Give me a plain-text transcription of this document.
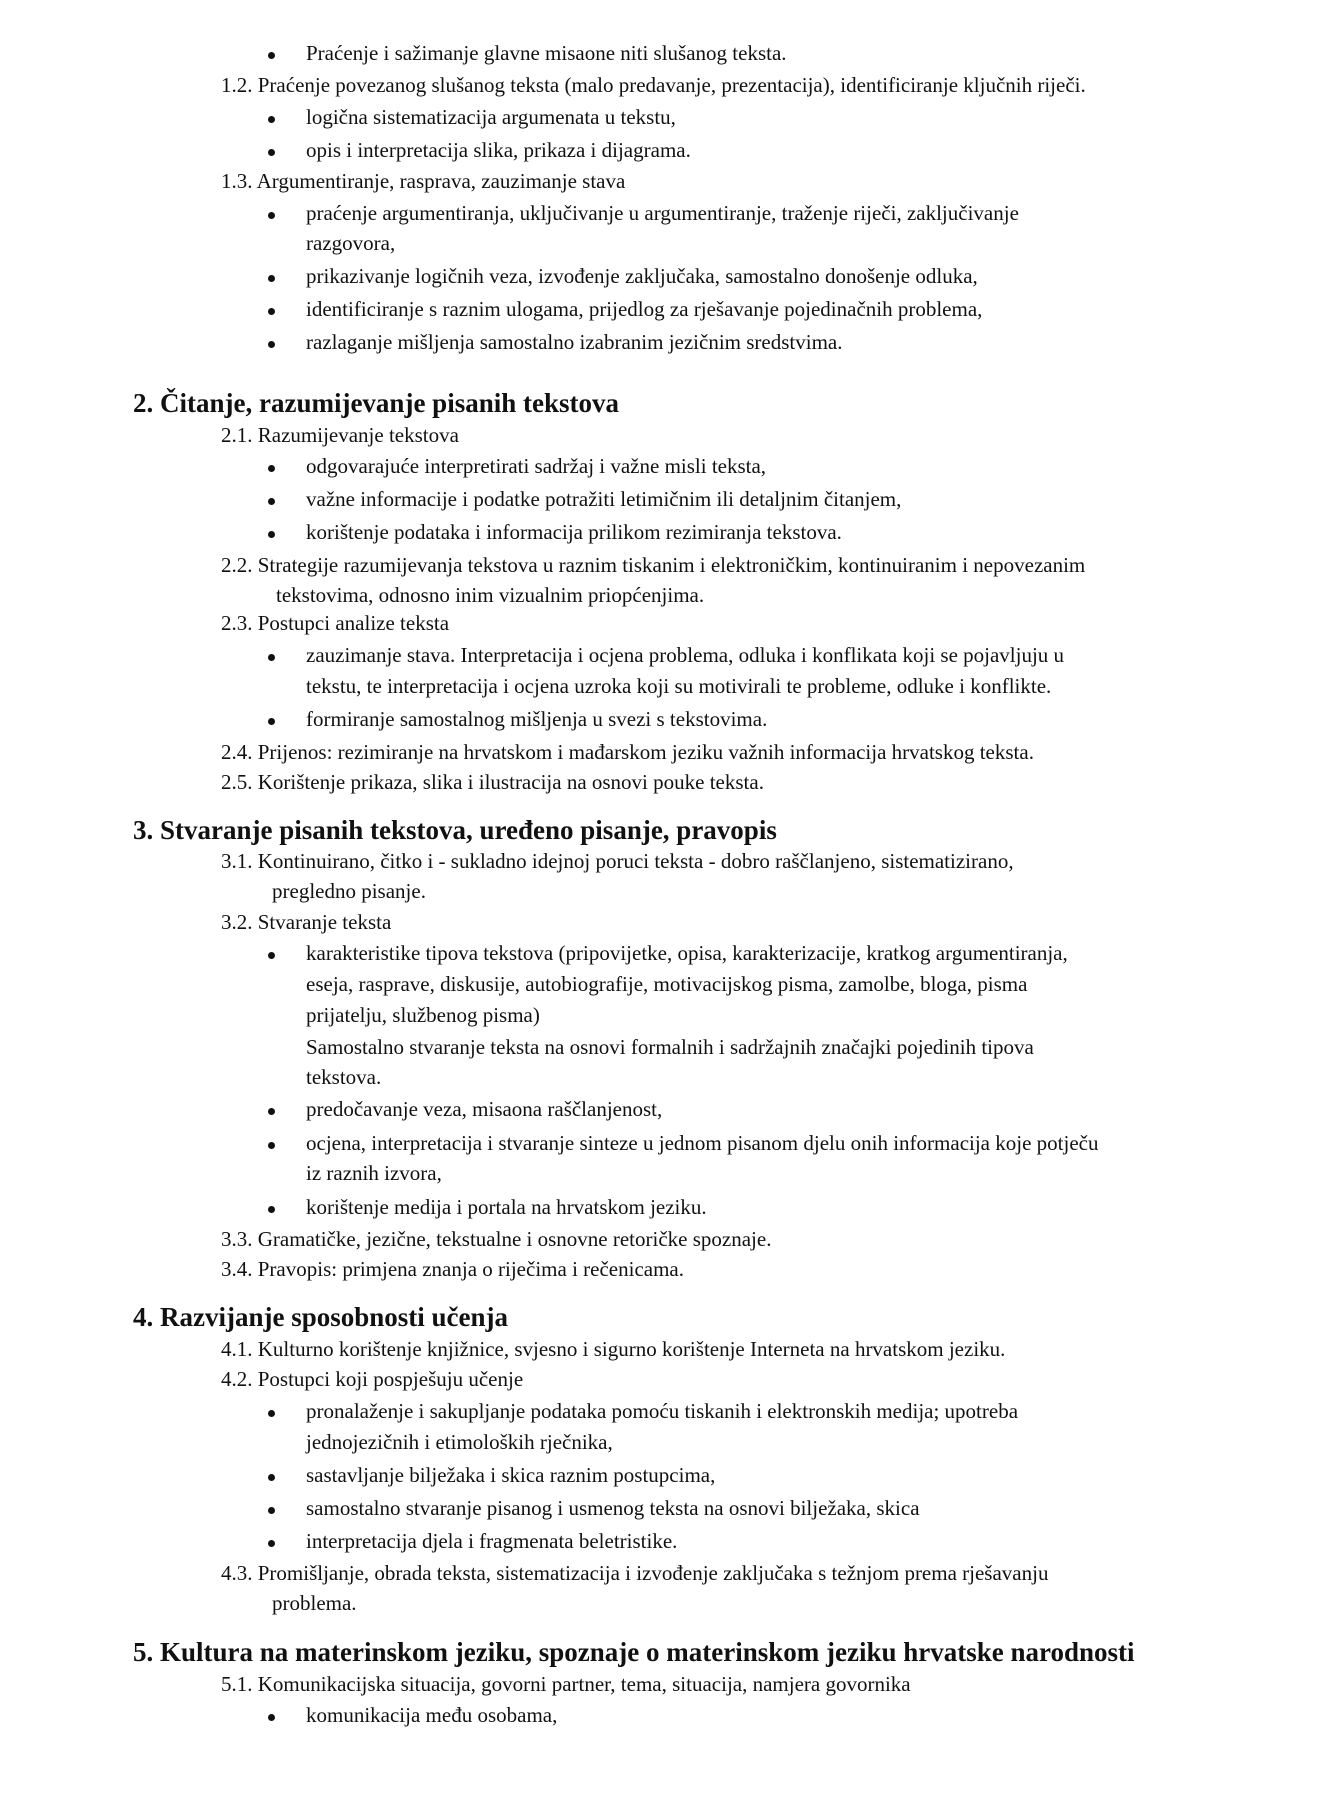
Praćenje i sažimanje glavne misaone niti slušanog teksta.
1.2. Praćenje povezanog slušanog teksta (malo predavanje, prezentacija), identificiranje ključnih riječi.
logična sistematizacija argumenata u tekstu,
opis i interpretacija slika, prikaza i dijagrama.
1.3. Argumentiranje, rasprava, zauzimanje stava
praćenje argumentiranja, uključivanje u argumentiranje, traženje riječi, zaključivanje
razgovora,
prikazivanje logičnih veza, izvođenje zaključaka, samostalno donošenje odluka,
identificiranje s raznim ulogama, prijedlog za rješavanje pojedinačnih problema,
razlaganje mišljenja samostalno izabranim jezičnim sredstvima.
2. Čitanje, razumijevanje pisanih tekstova
2.1. Razumijevanje tekstova
odgovarajuće interpretirati sadržaj i važne misli teksta,
važne informacije i podatke potražiti letimičnim ili detaljnim čitanjem,
korištenje podataka i informacija prilikom rezimiranja tekstova.
2.2. Strategije razumijevanja tekstova u raznim tiskanim i elektroničkim, kontinuiranim i nepovezanim
tekstovima, odnosno inim vizualnim priopćenjima.
2.3. Postupci analize teksta
zauzimanje stava. Interpretacija i ocjena problema, odluka i konflikata koji se pojavljuju u
tekstu, te interpretacija i ocjena uzroka koji su motivirali te probleme, odluke i konflikte.
formiranje samostalnog mišljenja u svezi s tekstovima.
2.4. Prijenos: rezimiranje na hrvatskom i mađarskom jeziku važnih informacija hrvatskog teksta.
2.5. Korištenje prikaza, slika i ilustracija na osnovi pouke teksta.
3. Stvaranje pisanih tekstova, uređeno pisanje, pravopis
3.1. Kontinuirano, čitko i - sukladno idejnoj poruci teksta - dobro raščlanjeno, sistematizirano,
pregledno pisanje.
3.2. Stvaranje teksta
karakteristike tipova tekstova (pripovijetke, opisa, karakterizacije, kratkog argumentiranja,
eseja, rasprave, diskusije, autobiografije, motivacijskog pisma, zamolbe, bloga, pisma
prijatelju, službenog pisma)
Samostalno stvaranje teksta na osnovi formalnih i sadržajnih značajki pojedinih tipova
tekstova.
predočavanje veza, misaona raščlanjenost,
ocjena, interpretacija i stvaranje sinteze u jednom pisanom djelu onih informacija koje potječu
iz raznih izvora,
korištenje medija i portala na hrvatskom jeziku.
3.3. Gramatičke, jezične, tekstualne i osnovne retoričke spoznaje.
3.4. Pravopis: primjena znanja o riječima i rečenicama.
4. Razvijanje sposobnosti učenja
4.1. Kulturno korištenje knjižnice, svjesno i sigurno korištenje Interneta na hrvatskom jeziku.
4.2. Postupci koji pospješuju učenje
pronalaženje i sakupljanje podataka pomoću tiskanih i elektronskih medija; upotreba
jednojezičnih i etimoloških rječnika,
sastavljanje bilježaka i skica raznim postupcima,
samostalno stvaranje pisanog i usmenog teksta na osnovi bilježaka, skica
interpretacija djela i fragmenata beletristike.
4.3. Promišljanje, obrada teksta, sistematizacija i izvođenje zaključaka s težnjom prema rješavanju
problema.
5. Kultura na materinskom jeziku, spoznaje o materinskom jeziku hrvatske narodnosti
5.1. Komunikacijska situacija, govorni partner, tema, situacija, namjera govornika
komunikacija među osobama,
